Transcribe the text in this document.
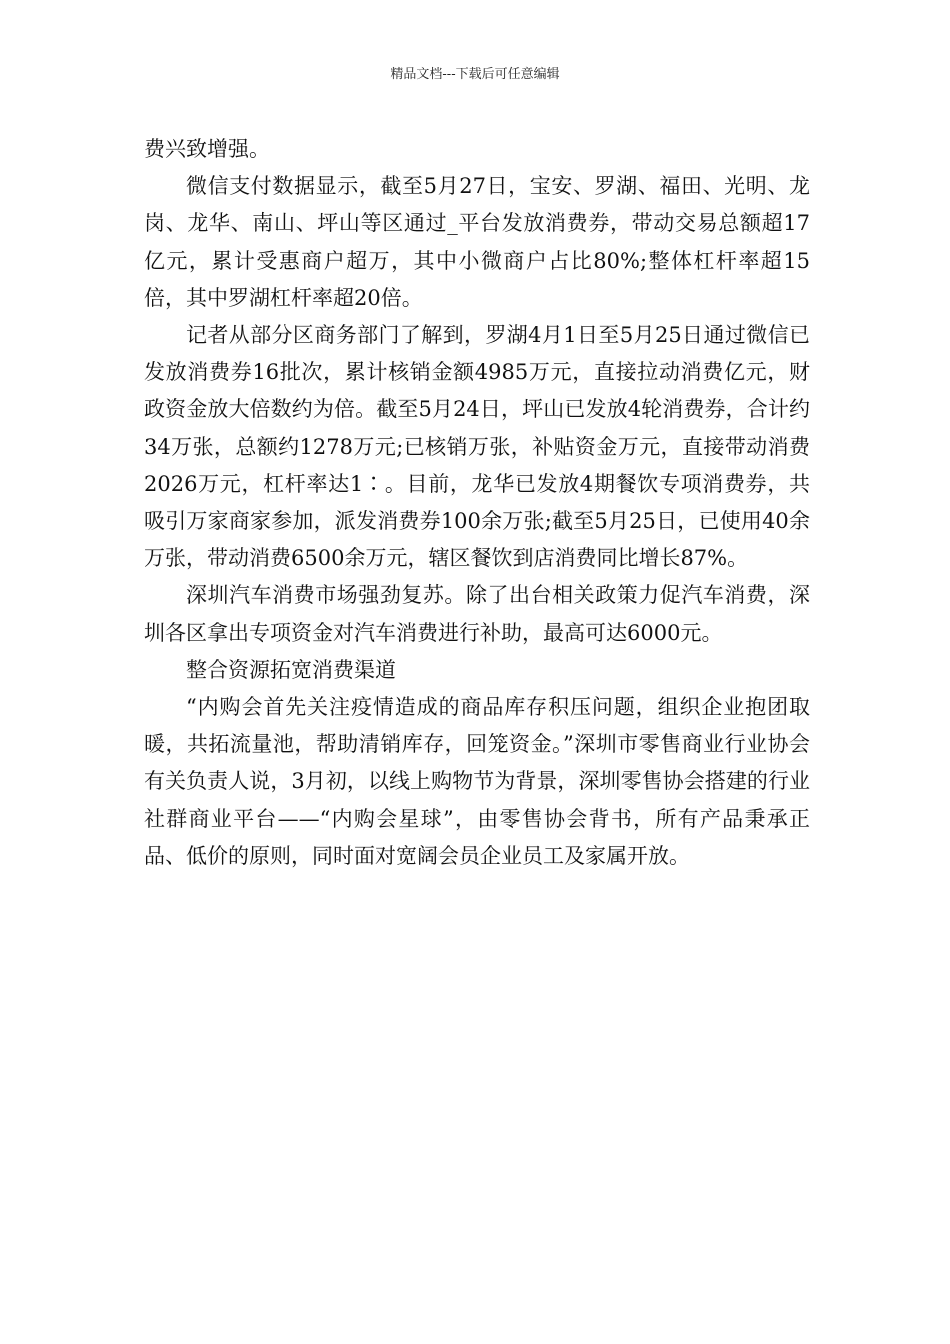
精品文档---下载后可任意编辑

费兴致增强。

微信支付数据显示，截至5月27日，宝安、罗湖、福田、光明、龙岗、龙华、南山、坪山等区通过_平台发放消费券，带动交易总额超17亿元，累计受惠商户超万，其中小微商户占比80%;整体杠杆率超15倍，其中罗湖杠杆率超20倍。

记者从部分区商务部门了解到，罗湖4月1日至5月25日通过微信已发放消费券16批次，累计核销金额4985万元，直接拉动消费亿元，财政资金放大倍数约为倍。截至5月24日，坪山已发放4轮消费券，合计约34万张，总额约1278万元;已核销万张，补贴资金万元，直接带动消费2026万元，杠杆率达1∶。目前，龙华已发放4期餐饮专项消费券，共吸引万家商家参加，派发消费券100余万张;截至5月25日，已使用40余万张，带动消费6500余万元，辖区餐饮到店消费同比增长87%。

深圳汽车消费市场强劲复苏。除了出台相关政策力促汽车消费，深圳各区拿出专项资金对汽车消费进行补助，最高可达6000元。

整合资源拓宽消费渠道

“内购会首先关注疫情造成的商品库存积压问题，组织企业抱团取暖，共拓流量池，帮助清销库存，回笼资金。”深圳市零售商业行业协会有关负责人说，3月初，以线上购物节为背景，深圳零售协会搭建的行业社群商业平台——“内购会星球”，由零售协会背书，所有产品秉承正品、低价的原则，同时面对宽阔会员企业员工及家属开放。
